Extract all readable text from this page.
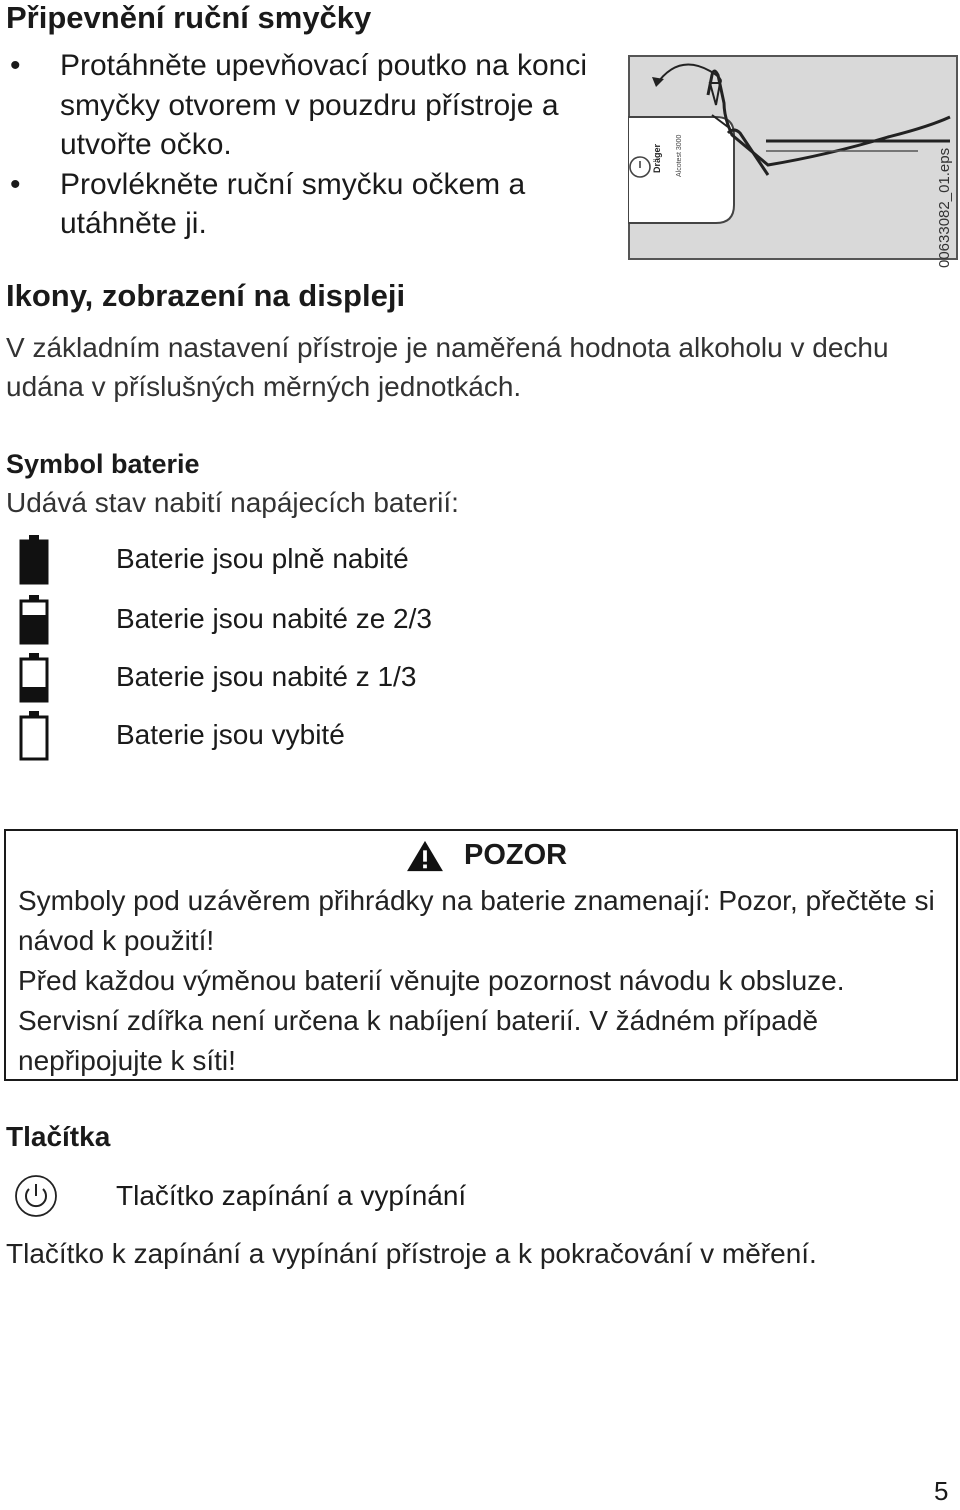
Připevnění ruční smyčky
• Protáhněte upevňovací poutko na konci smyčky otvorem v pouzdru přístroje a utvořte očko.
• Provlékněte ruční smyčku očkem a utáhněte ji.
Dräger Alcotest 3000	00633082_01.eps
Ikony, zobrazení na displeji

V základním nastavení přístroje je naměřená hodnota alkoholu v dechu udána v příslušných měrných jednotkách.

Symbol baterie

Udává stav nabití napájecích baterií:

Baterie jsou plně nabité
Baterie jsou nabité ze 2/3
Baterie jsou nabité z 1/3
Baterie jsou vybité
POZOR
Symboly pod uzávěrem přihrádky na baterie znamenají: Pozor, přečtěte si návod k použití!
Před každou výměnou baterií věnujte pozornost návodu k obsluze.
Servisní zdířka není určena k nabíjení baterií. V žádném případě nepřipojujte k síti!
Tlačítka
Tlačítko zapínání a vypínání

Tlačítko k zapínání a vypínání přístroje a k pokračování v měření.

5
